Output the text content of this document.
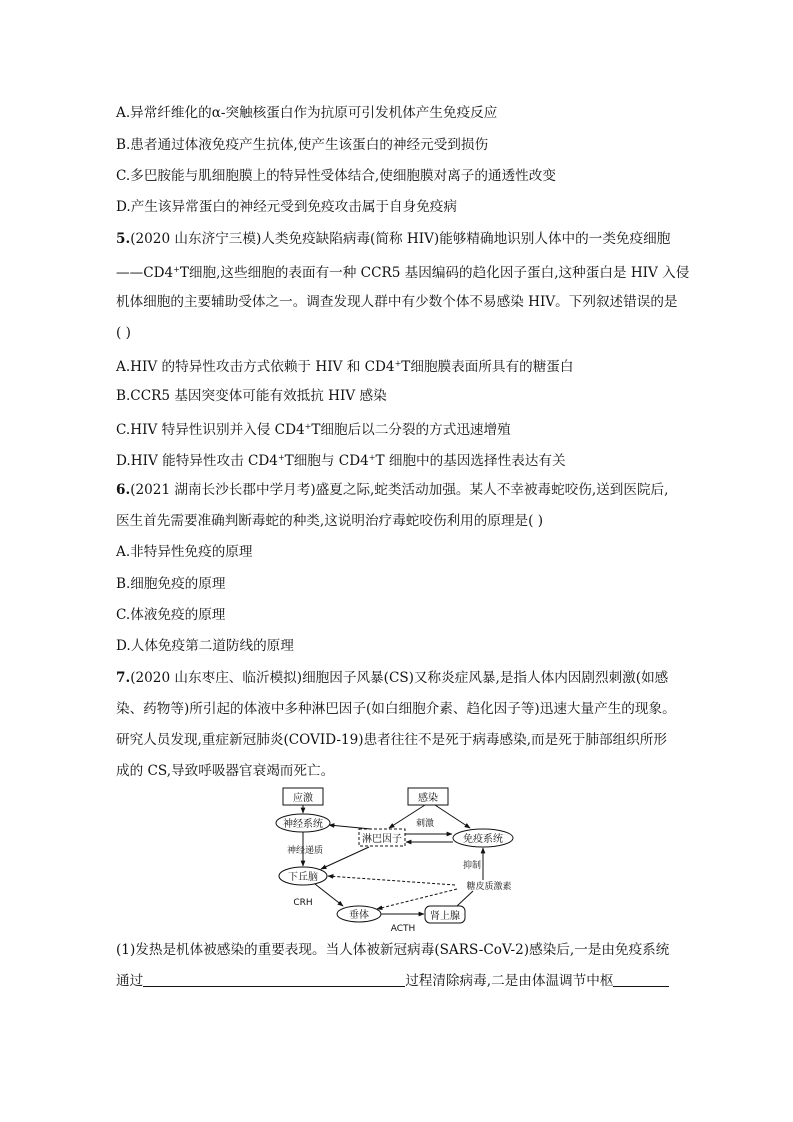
A.异常纤维化的α-突触核蛋白作为抗原可引发机体产生免疫反应
B.患者通过体液免疫产生抗体,使产生该蛋白的神经元受到损伤
C.多巴胺能与肌细胞膜上的特异性受体结合,使细胞膜对离子的通透性改变
D.产生该异常蛋白的神经元受到免疫攻击属于自身免疫病
5.(2020 山东济宁三模)人类免疫缺陷病毒(简称 HIV)能够精确地识别人体中的一类免疫细胞
——CD4+T细胞,这些细胞的表面有一种 CCR5 基因编码的趋化因子蛋白,这种蛋白是 HIV 入侵
机体细胞的主要辅助受体之一。调查发现人群中有少数个体不易感染 HIV。下列叙述错误的是
( )
A.HIV 的特异性攻击方式依赖于 HIV 和 CD4+T细胞膜表面所具有的糖蛋白
B.CCR5 基因突变体可能有效抵抗 HIV 感染
C.HIV 特异性识别并入侵 CD4+T细胞后以二分裂的方式迅速增殖
D.HIV 能特异性攻击 CD4+T细胞与 CD4+T 细胞中的基因选择性表达有关
6.(2021 湖南长沙长郡中学月考)盛夏之际,蛇类活动加强。某人不幸被毒蛇咬伤,送到医院后,
医生首先需要准确判断毒蛇的种类,这说明治疗毒蛇咬伤利用的原理是( )
A.非特异性免疫的原理
B.细胞免疫的原理
C.体液免疫的原理
D.人体免疫第二道防线的原理
7.(2020 山东枣庄、临沂模拟)细胞因子风暴(CS)又称炎症风暴,是指人体内因剧烈刺激(如感
染、药物等)所引起的体液中多种淋巴因子(如白细胞介素、趋化因子等)迅速大量产生的现象。
研究人员发现,重症新冠肺炎(COVID-19)患者往往不是死于病毒感染,而是死于肺部组织所形
成的 CS,导致呼吸器官衰竭而死亡。
应激	感染
神经系统
淋巴因子	免疫系统
下丘脑
垂体	肾上腺
刺激
神经递质
抑制
糖皮质激素
CRH
ACTH
(1)发热是机体被感染的重要表现。当人体被新冠病毒(SARS-CoV-2)感染后,一是由免疫系统
通过	过程清除病毒,二是由体温调节中枢
